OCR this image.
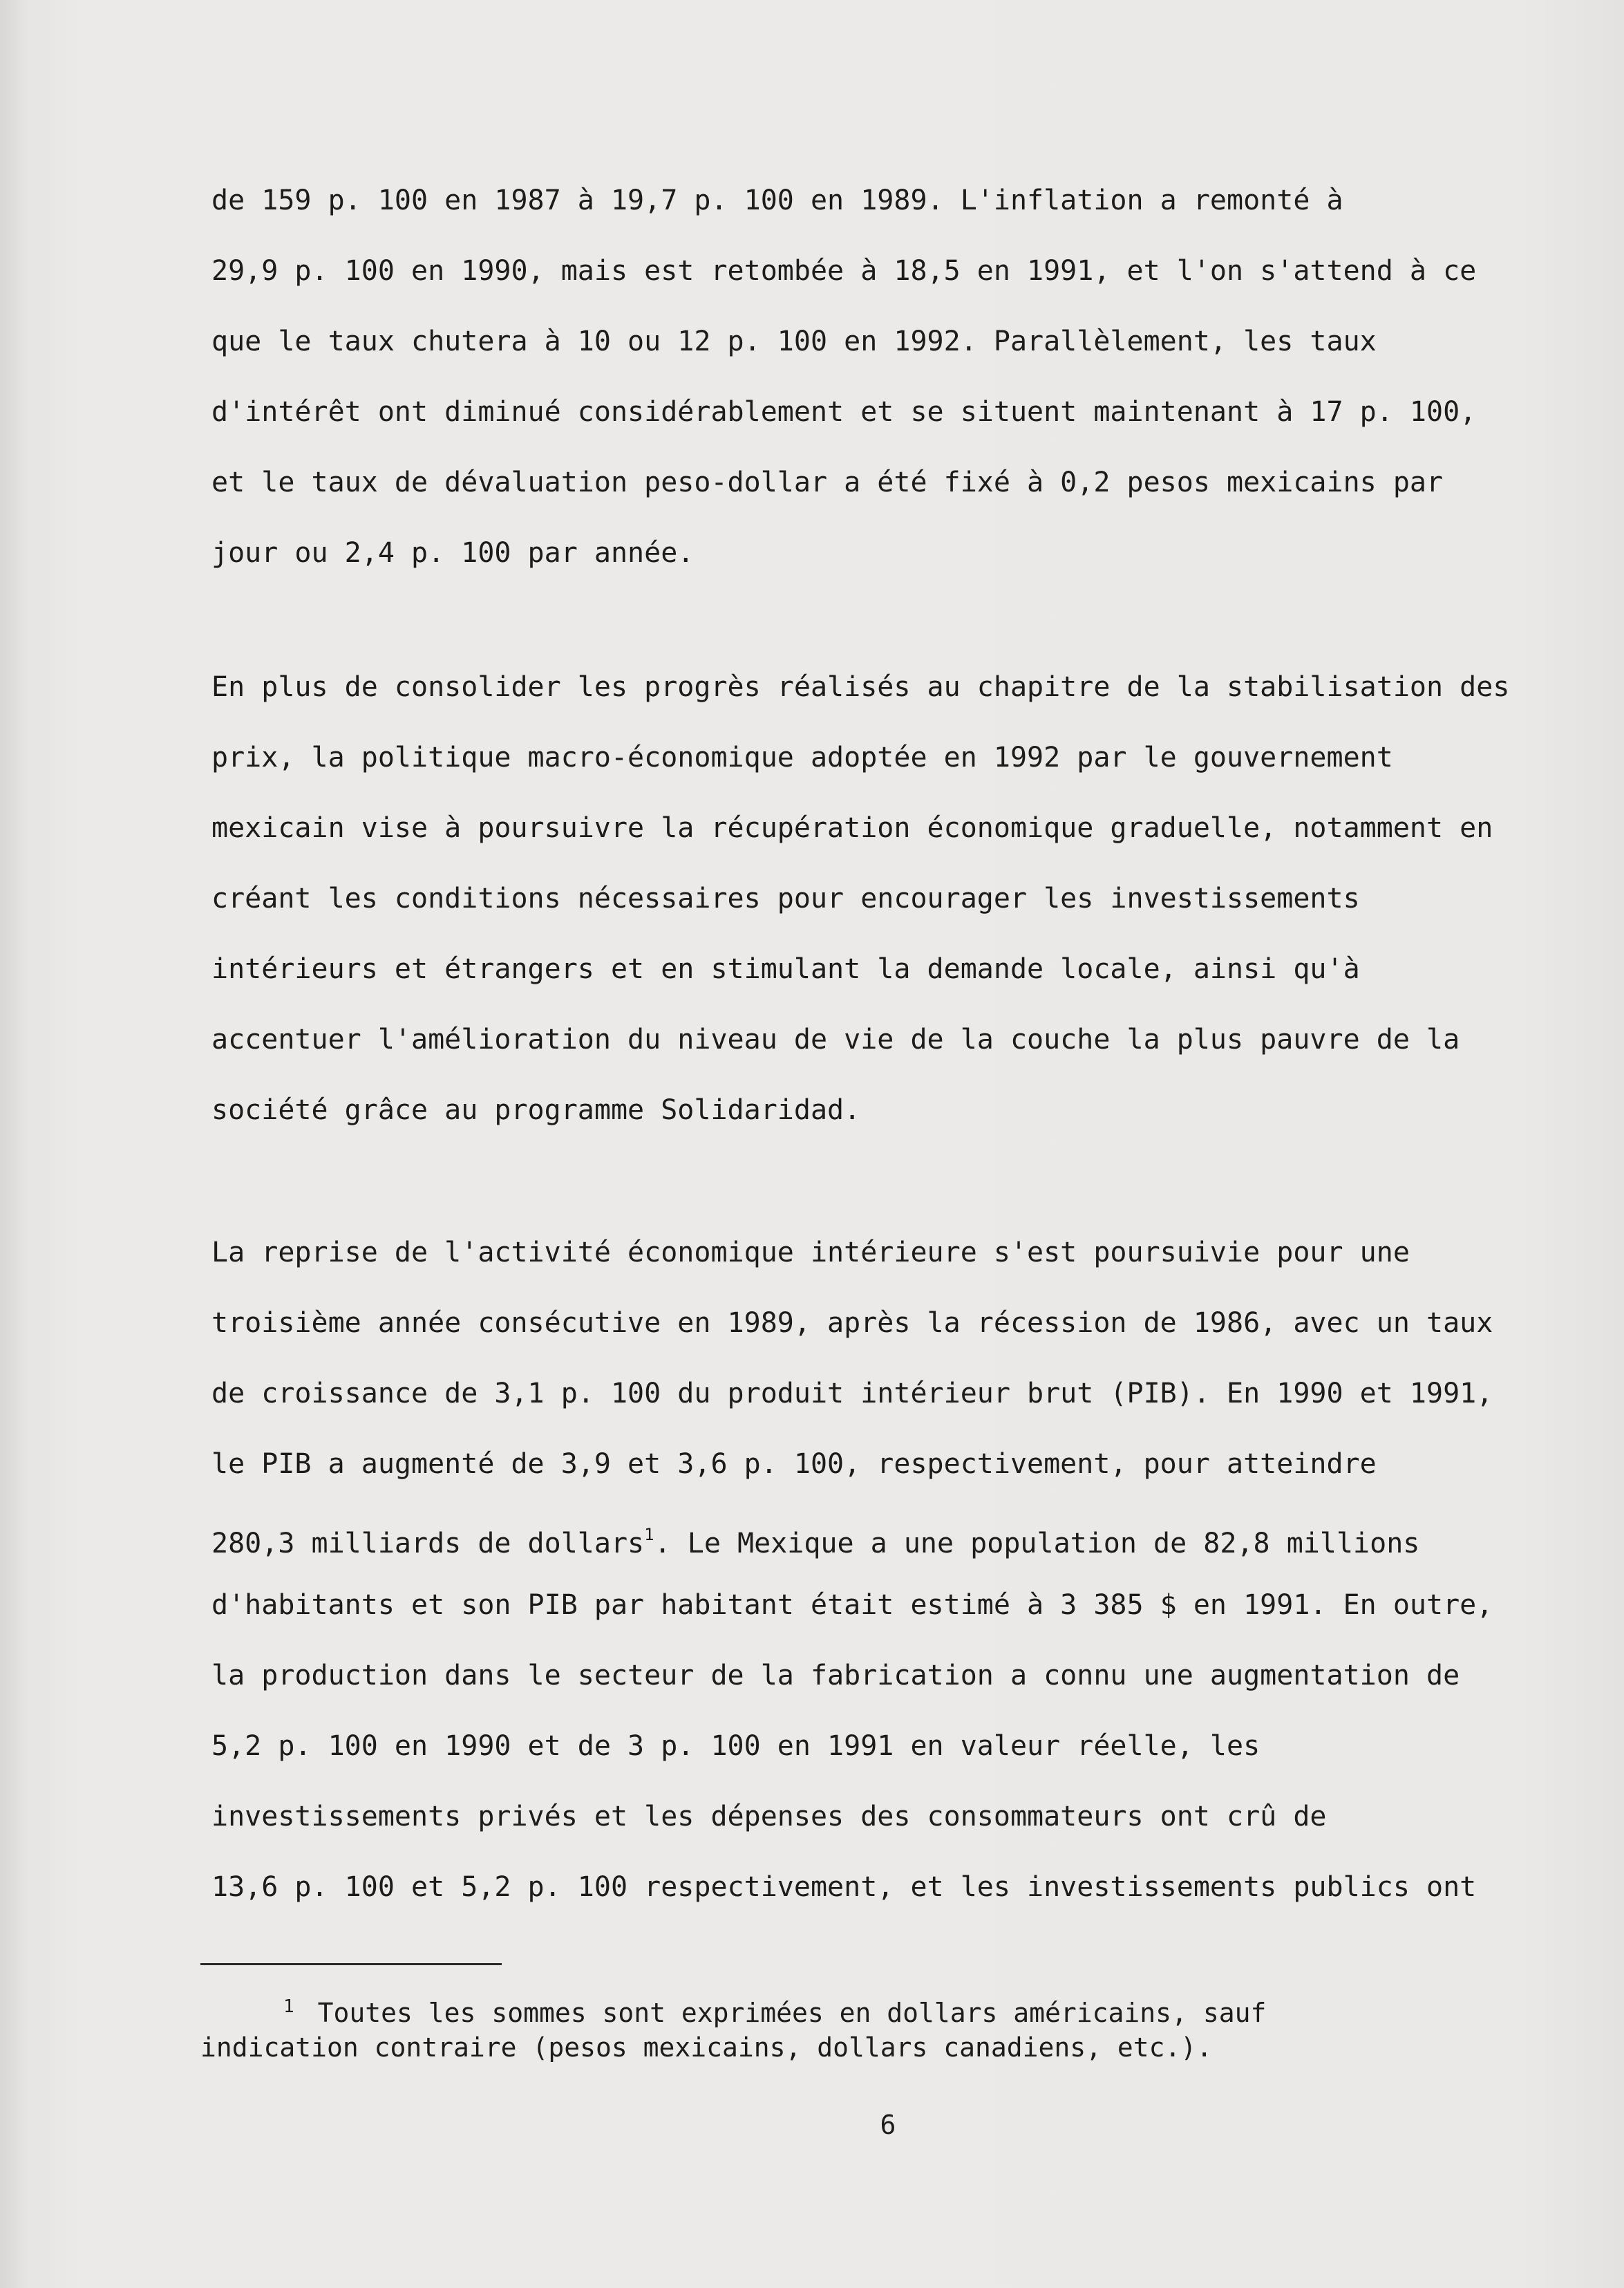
de 159 p. 100 en 1987 à 19,7 p. 100 en 1989. L'inflation a remonté à
29,9 p. 100 en 1990, mais est retombée à 18,5 en 1991, et l'on s'attend à ce
que le taux chutera à 10 ou 12 p. 100 en 1992. Parallèlement, les taux
d'intérêt ont diminué considérablement et se situent maintenant à 17 p. 100,
et le taux de dévaluation peso-dollar a été fixé à 0,2 pesos mexicains par
jour ou 2,4 p. 100 par année.
En plus de consolider les progrès réalisés au chapitre de la stabilisation des
prix, la politique macro-économique adoptée en 1992 par le gouvernement
mexicain vise à poursuivre la récupération économique graduelle, notamment en
créant les conditions nécessaires pour encourager les investissements
intérieurs et étrangers et en stimulant la demande locale, ainsi qu'à
accentuer l'amélioration du niveau de vie de la couche la plus pauvre de la
société grâce au programme Solidaridad.
La reprise de l'activité économique intérieure s'est poursuivie pour une
troisième année consécutive en 1989, après la récession de 1986, avec un taux
de croissance de 3,1 p. 100 du produit intérieur brut (PIB). En 1990 et 1991,
le PIB a augmenté de 3,9 et 3,6 p. 100, respectivement, pour atteindre
280,3 milliards de dollars$^1$. Le Mexique a une population de 82,8 millions
d'habitants et son PIB par habitant était estimé à 3 385 $ en 1991. En outre,
la production dans le secteur de la fabrication a connu une augmentation de
5,2 p. 100 en 1990 et de 3 p. 100 en 1991 en valeur réelle, les
investissements privés et les dépenses des consommateurs ont crû de
13,6 p. 100 et 5,2 p. 100 respectivement, et les investissements publics ont
$^1$ Toutes les sommes sont exprimées en dollars américains, sauf
indication contraire (pesos mexicains, dollars canadiens, etc.).
6
